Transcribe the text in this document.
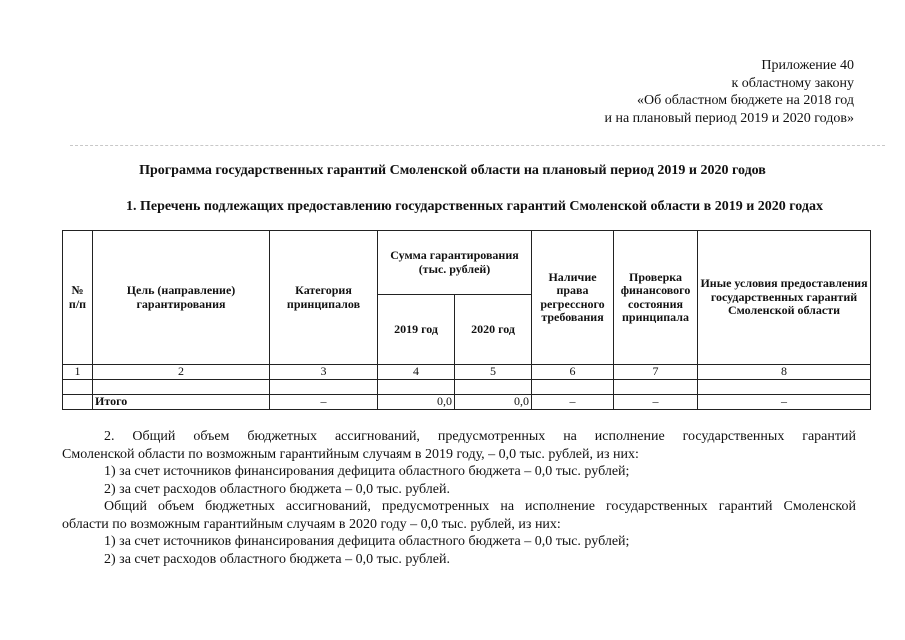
Приложение 40
к областному закону
«Об областном бюджете на 2018 год
и на плановый период 2019 и 2020 годов»
Программа государственных гарантий Смоленской области на плановый период 2019 и 2020 годов
1. Перечень подлежащих предоставлению государственных гарантий Смоленской области в 2019 и 2020 годах
№ п/п	Цель (направление) гарантирования	Категория принципалов	Сумма гарантирования (тыс. рублей)		Наличие права регрессного требования	Проверка финансового состояния принципала	Иные условия предоставления государственных гарантий Смоленской области
			2019 год	2020 год			
1	2	3	4	5	6	7	8

	Итого	–	0,0	0,0	–	–	–

2. Общий объем бюджетных ассигнований, предусмотренных на исполнение государственных гарантий

Смоленской области по возможным гарантийным случаям в 2019 году, – 0,0 тыс. рублей, из них:

1) за счет источников финансирования дефицита областного бюджета – 0,0 тыс. рублей;

2) за счет расходов областного бюджета – 0,0 тыс. рублей.

Общий объем бюджетных ассигнований, предусмотренных на исполнение государственных гарантий Смоленской

области по возможным гарантийным случаям в 2020 году – 0,0 тыс. рублей, из них:

1) за счет источников финансирования дефицита областного бюджета – 0,0 тыс. рублей;

2) за счет расходов областного бюджета – 0,0 тыс. рублей.
